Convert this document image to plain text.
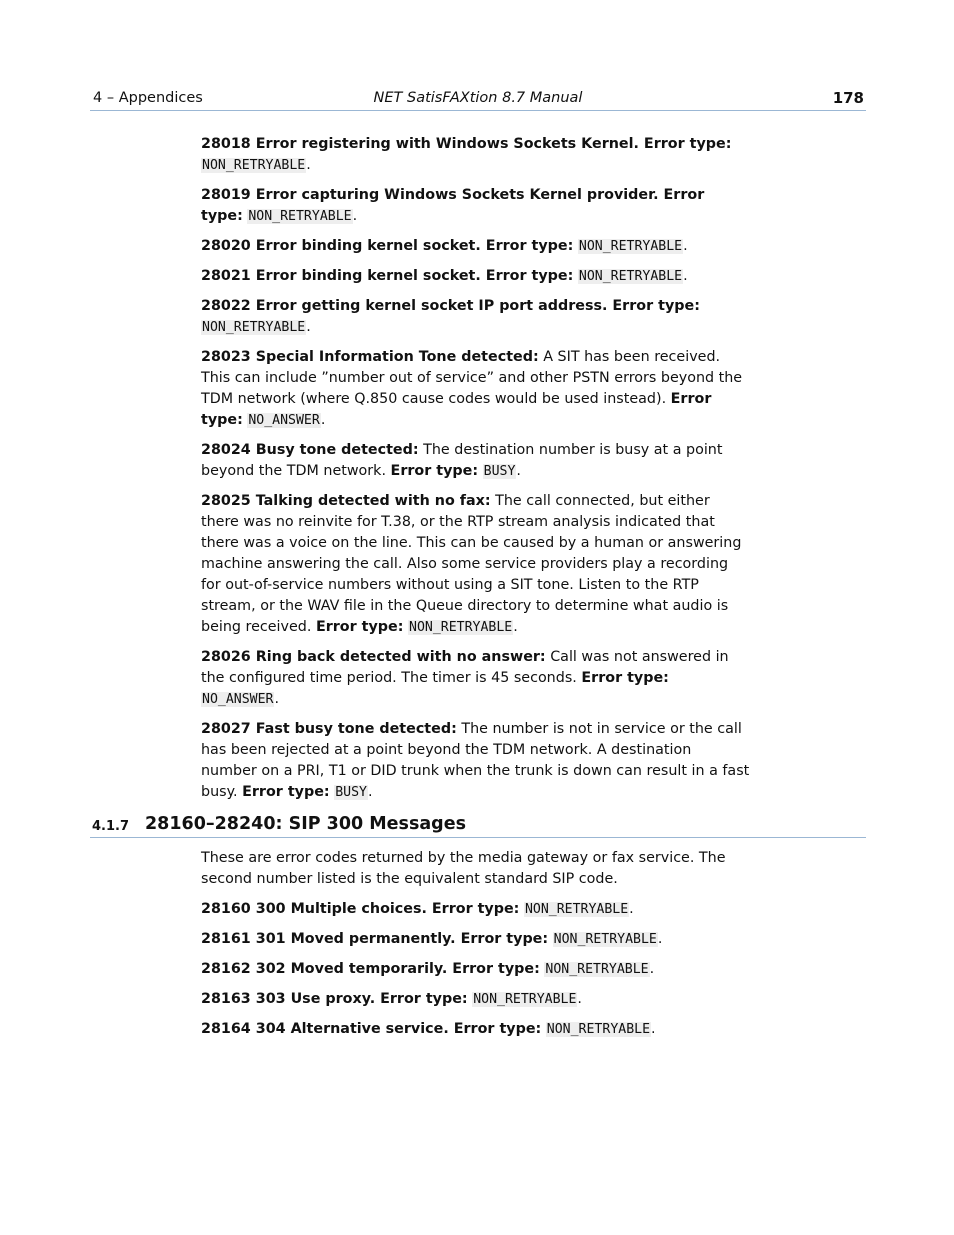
4 – Appendices	NET SatisFAXtion 8.7 Manual	178

28018 Error registering with Windows Sockets Kernel. Error type: NON_RETRYABLE.

28019 Error capturing Windows Sockets Kernel provider. Error type: NON_RETRYABLE.

28020 Error binding kernel socket. Error type: NON_RETRYABLE.

28021 Error binding kernel socket. Error type: NON_RETRYABLE.

28022 Error getting kernel socket IP port address. Error type: NON_RETRYABLE.

28023 Special Information Tone detected: A SIT has been received. This can include ”number out of service” and other PSTN errors beyond the TDM network (where Q.850 cause codes would be used instead). Error type: NO_ANSWER.

28024 Busy tone detected: The destination number is busy at a point beyond the TDM network. Error type: BUSY.

28025 Talking detected with no fax: The call connected, but either there was no reinvite for T.38, or the RTP stream analysis indicated that there was a voice on the line. This can be caused by a human or answering machine answering the call. Also some service providers play a recording for out-of-service numbers without using a SIT tone. Listen to the RTP stream, or the WAV file in the Queue directory to determine what audio is being received. Error type: NON_RETRYABLE.

28026 Ring back detected with no answer: Call was not answered in the configured time period. The timer is 45 seconds. Error type: NO_ANSWER.

28027 Fast busy tone detected: The number is not in service or the call has been rejected at a point beyond the TDM network. A destination number on a PRI, T1 or DID trunk when the trunk is down can result in a fast busy. Error type: BUSY.

4.1.7 28160–28240: SIP 300 Messages

These are error codes returned by the media gateway or fax service. The second number listed is the equivalent standard SIP code.

28160 300 Multiple choices. Error type: NON_RETRYABLE.

28161 301 Moved permanently. Error type: NON_RETRYABLE.

28162 302 Moved temporarily. Error type: NON_RETRYABLE.

28163 303 Use proxy. Error type: NON_RETRYABLE.

28164 304 Alternative service. Error type: NON_RETRYABLE.
